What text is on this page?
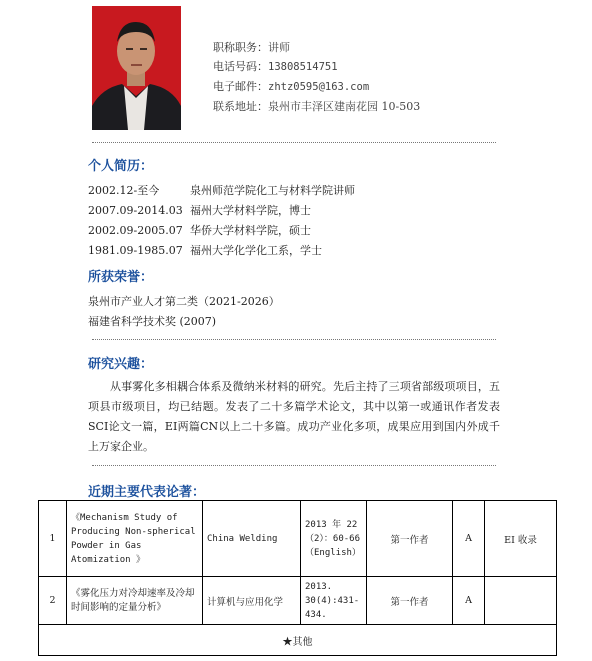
职称职务：讲师
电话号码：13808514751
电子邮件：zhtz0595@163.com
联系地址：泉州市丰泽区建南花园 10-503
个人简历：
2002.12-至今	泉州师范学院化工与材料学院讲师
2007.09-2014.03 福州大学材料学院，博士
2002.09-2005.07 华侨大学材料学院，硕士
1981.09-1985.07 福州大学化学化工系，学士
所获荣誉：
泉州市产业人才第二类（2021-2026）
福建省科学技术奖 (2007)
研究兴趣：
从事雾化多相耦合体系及微纳米材料的研究。先后主持了三项省部级项项目，五项县市级项目，均已结题。发表了二十多篇学术论文，其中以第一或通讯作者发表SCI论文一篇，EI两篇CN以上二十多篇。成功产业化多项，成果应用到国内外成千上万家企业。
近期主要代表论著：
1	《Mechanism Study of Producing Non-spherical Powder in Gas Atomization 》	China Welding	2013 年 22 （2）：60-66 （English）	第一作者	A	EI 收录
2	《雾化压力对冷却速率及冷却时间影响的定量分析》	计算机与应用化学	2013. 30(4):431-434.	第一作者	A	
★其他						
